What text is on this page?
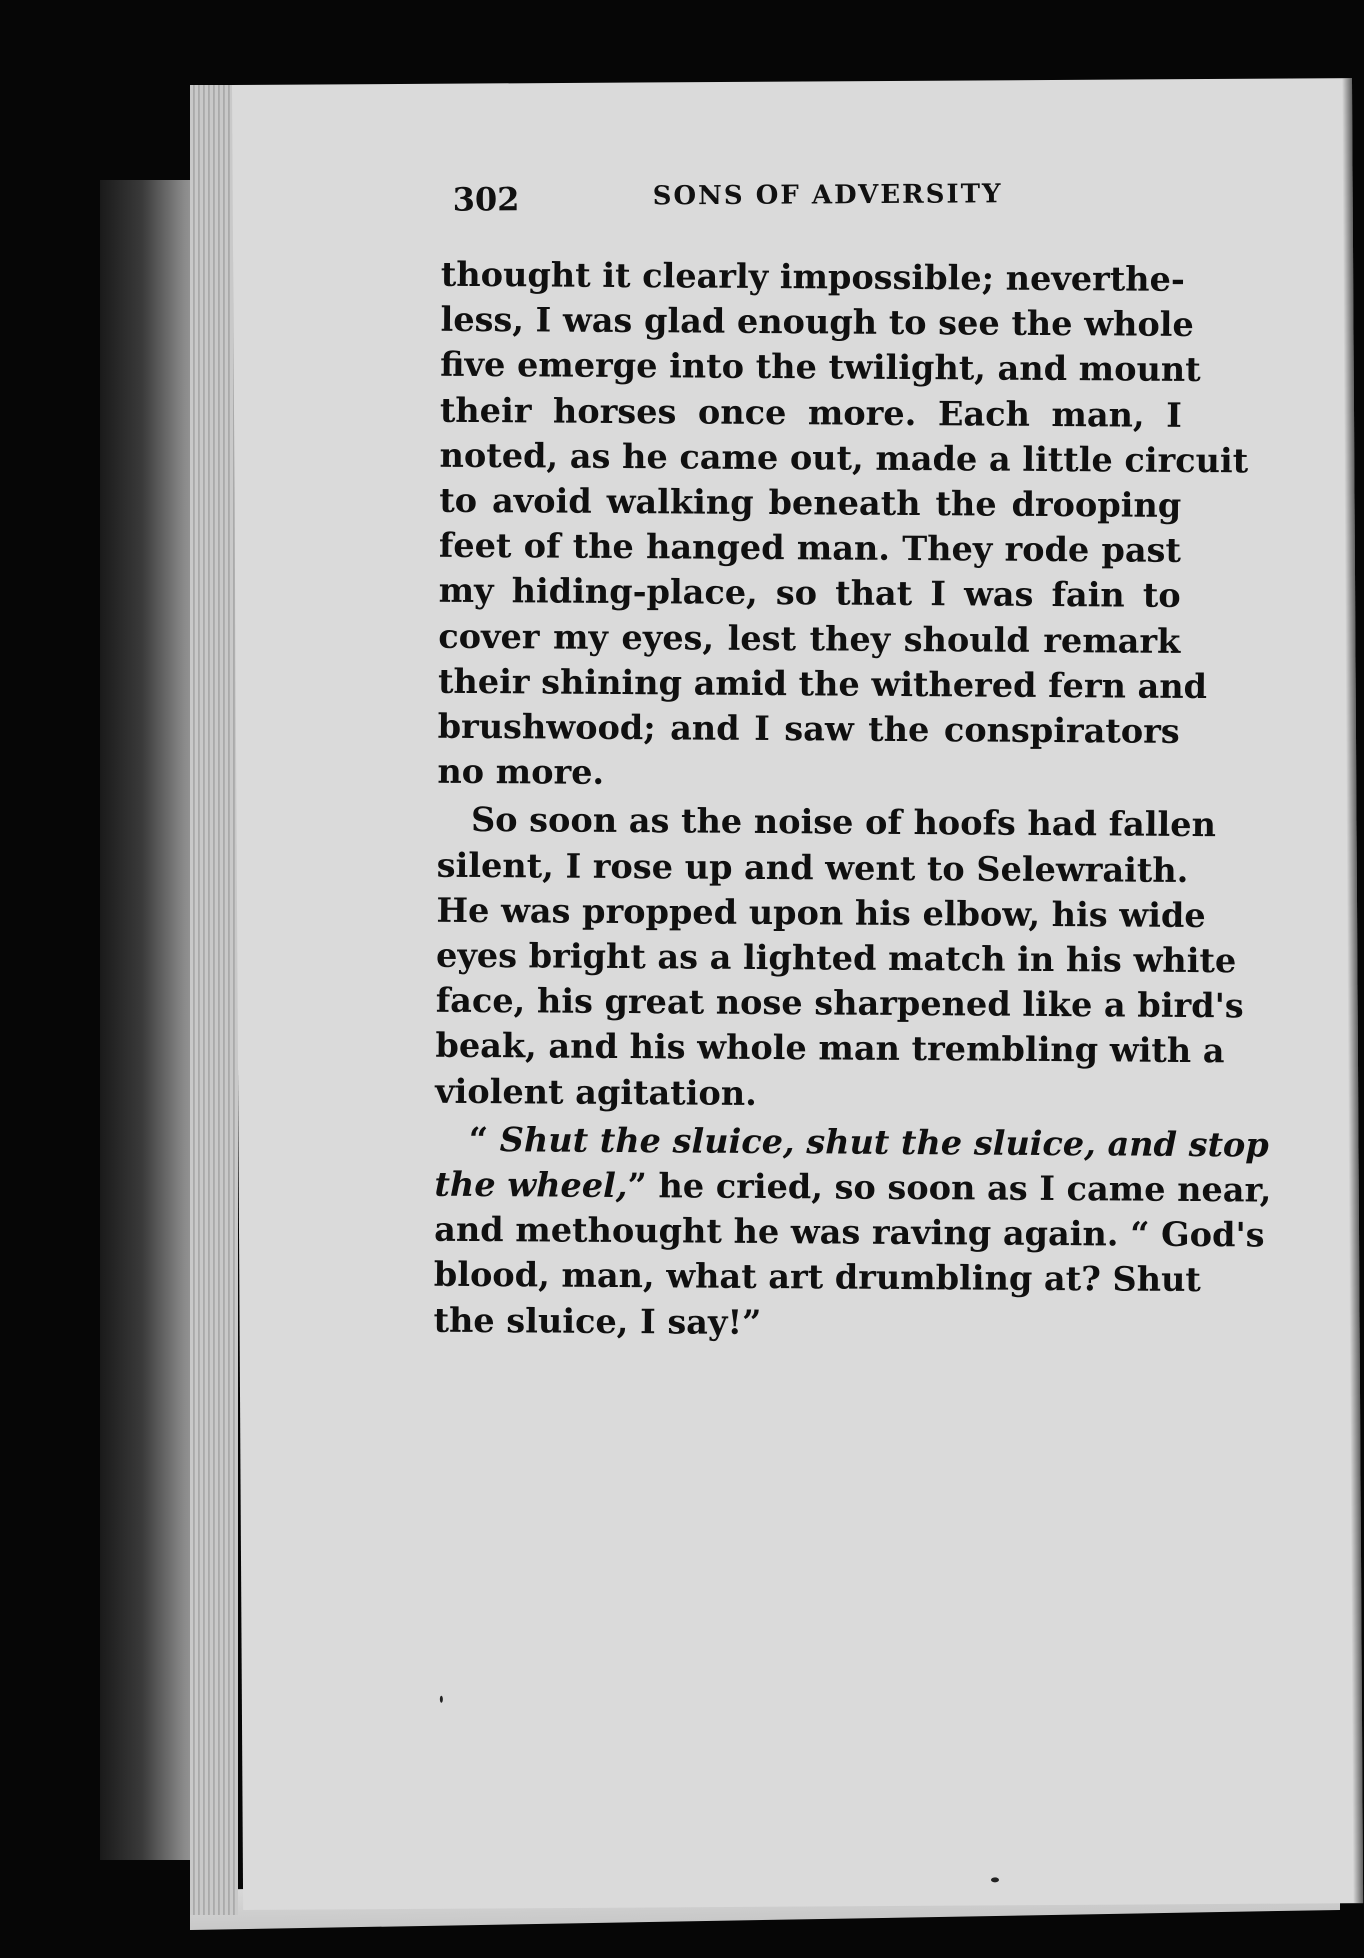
302	SONS OF ADVERSITY
thought it clearly impossible; neverthe-
less, I was glad enough to see the whole
five emerge into the twilight, and mount
their horses once more. Each man, I
noted, as he came out, made a little circuit
to avoid walking beneath the drooping
feet of the hanged man. They rode past
my hiding-place, so that I was fain to
cover my eyes, lest they should remark
their shining amid the withered fern and
brushwood; and I saw the conspirators
no more.
So soon as the noise of hoofs had fallen
silent, I rose up and went to Selewraith.
He was propped upon his elbow, his wide
eyes bright as a lighted match in his white
face, his great nose sharpened like a bird's
beak, and his whole man trembling with a
violent agitation.
“ Shut the sluice, shut the sluice, and stop
the wheel,” he cried, so soon as I came near,
and methought he was raving again. “ God's
blood, man, what art drumbling at? Shut
the sluice, I say!”
